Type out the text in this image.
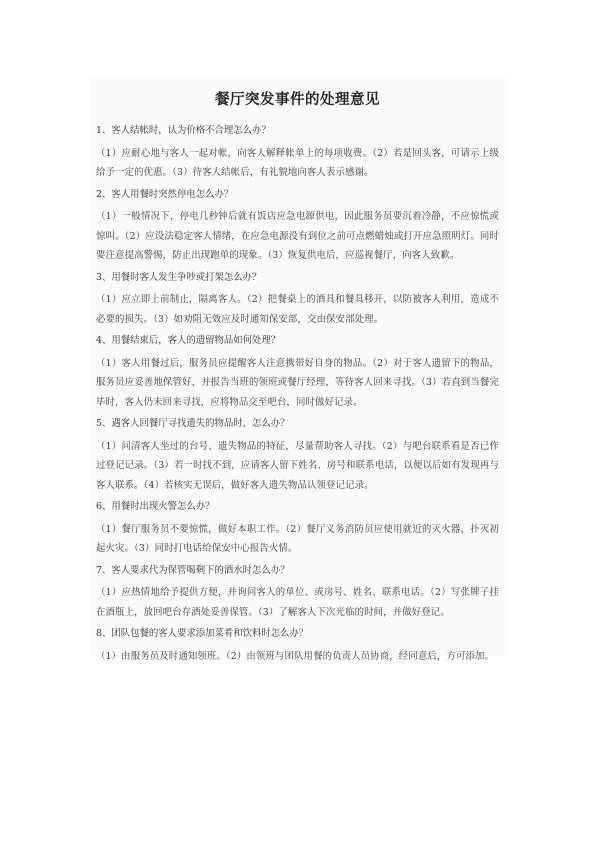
餐厅突发事件的处理意见

1、客人结帐时，认为价格不合理怎么办？

（1）应耐心地与客人一起对帐，向客人解释帐单上的每项收费。（2）若是回头客，可请示上级给予一定的优惠。（3）待客人结帐后，有礼貌地向客人表示感谢。

2、客人用餐时突然停电怎么办？

（1）一般情况下，停电几秒钟后就有饭店应急电源供电，因此服务员要沉着冷静，不应惊慌或惊叫。（2）应设法稳定客人情绪，在应急电源没有到位之前可点燃蜡烛或打开应急照明灯。同时要注意提高警惕，防止出现跑单的现象。（3）恢复供电后，应巡视餐厅，向客人致歉。

3、用餐时客人发生争吵或打架怎么办？

（1）应立即上前制止，隔离客人。（2）把餐桌上的酒具和餐具移开，以防被客人利用，造成不必要的损失。（3）如劝阻无效应及时通知保安部，交由保安部处理。

4、用餐结束后，客人的遗留物品如何处理？

（1）客人用餐过后，服务员应提醒客人注意携带好自身的物品。（2）对于客人遗留下的物品，服务员应妥善地保管好，并报告当班的领班或餐厅经理，等待客人回来寻找。（3）若直到当餐完毕时，客人仍未回来寻找，应将物品交至吧台，同时做好记录。

5、遇客人回餐厅寻找遗失的物品时，怎么办？

（1）问清客人坐过的台号、遗失物品的特征，尽量帮助客人寻找。（2）与吧台联系看是否已作过登记记录。（3）若一时找不到，应请客人留下姓名、房号和联系电话，以便以后如有发现再与客人联系。（4）若核实无误后，做好客人遗失物品认领登记记录。

6、用餐时出现火警怎么办？

（1）餐厅服务员不要惊慌，做好本职工作。（2）餐厅义务消防员应使用就近的灭火器，扑灭初起火灾。（3）同时打电话给保安中心报告火情。

7、客人要求代为保管喝剩下的酒水时怎么办？

（1）应热情地给予提供方便，并询问客人的单位、或房号、姓名、联系电话。（2）写张牌子挂在酒瓶上，放回吧台存酒处妥善保管。（3）了解客人下次光临的时间，并做好登记。

8、团队包餐的客人要求添加菜肴和饮料时怎么办？

（1）由服务员及时通知领班。（2）由领班与团队用餐的负责人员协商，经同意后，方可添加。
